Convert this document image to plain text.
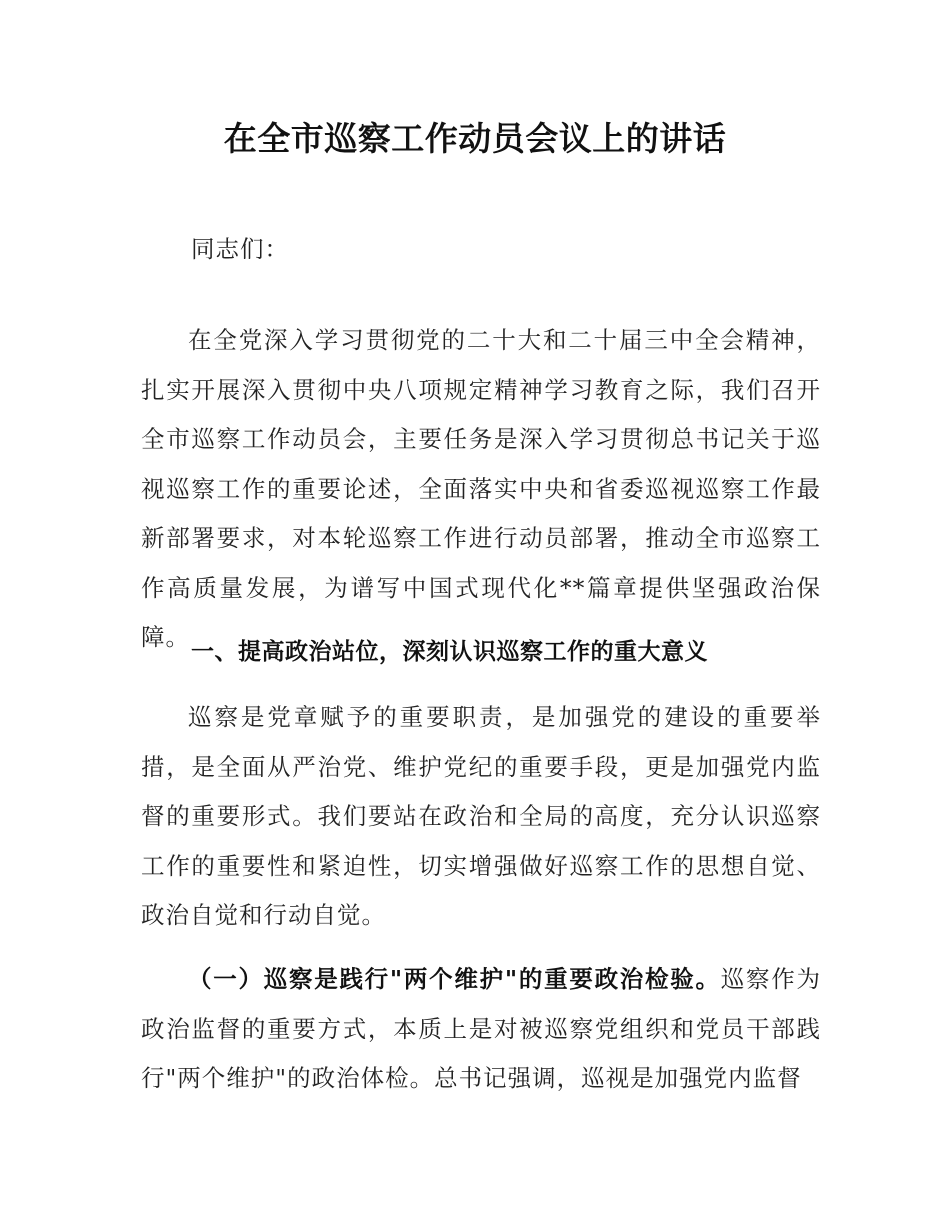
在全市巡察工作动员会议上的讲话
同志们：
在全党深入学习贯彻党的二十大和二十届三中全会精神，扎实开展深入贯彻中央八项规定精神学习教育之际，我们召开全市巡察工作动员会，主要任务是深入学习贯彻总书记关于巡视巡察工作的重要论述，全面落实中央和省委巡视巡察工作最新部署要求，对本轮巡察工作进行动员部署，推动全市巡察工作高质量发展，为谱写中国式现代化**篇章提供坚强政治保障。
一、提高政治站位，深刻认识巡察工作的重大意义
巡察是党章赋予的重要职责，是加强党的建设的重要举措，是全面从严治党、维护党纪的重要手段，更是加强党内监督的重要形式。我们要站在政治和全局的高度，充分认识巡察工作的重要性和紧迫性，切实增强做好巡察工作的思想自觉、政治自觉和行动自觉。
（一）巡察是践行"两个维护"的重要政治检验。巡察作为政治监督的重要方式，本质上是对被巡察党组织和党员干部践行"两个维护"的政治体检。总书记强调，巡视是加强党内监督
